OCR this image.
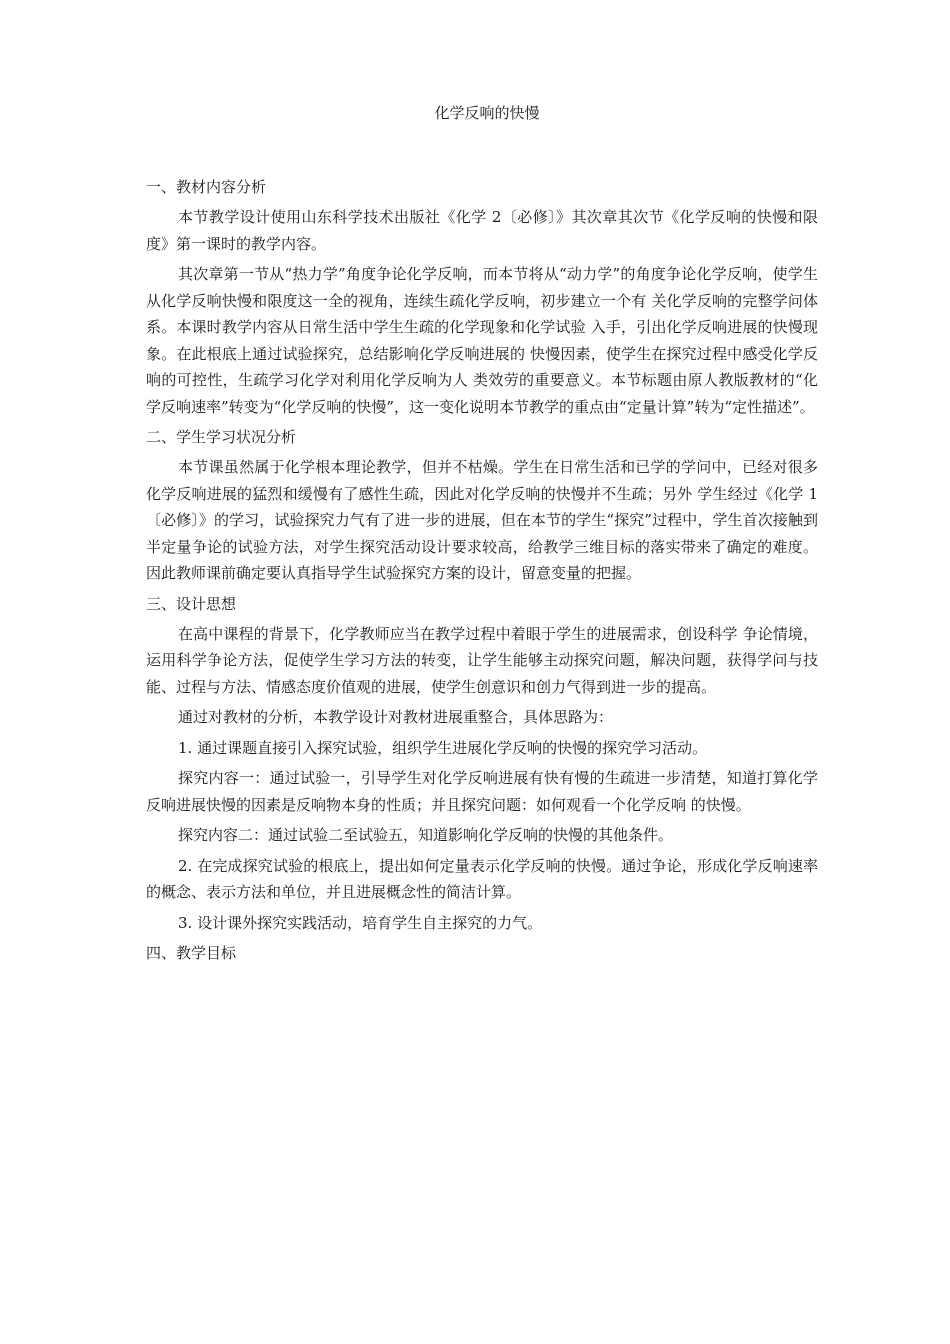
化学反响的快慢
一、教材内容分析
本节教学设计使用山东科学技术出版社《化学 2〔必修〕》其次章其次节《化学反响的快慢和限度》第一课时的教学内容。
其次章第一节从“热力学”角度争论化学反响，而本节将从“动力学”的角度争论化学反响，使学生从化学反响快慢和限度这一全的视角，连续生疏化学反响，初步建立一个有 关化学反响的完整学问体系。本课时教学内容从日常生活中学生生疏的化学现象和化学试验 入手，引出化学反响进展的快慢现象。在此根底上通过试验探究，总结影响化学反响进展的 快慢因素，使学生在探究过程中感受化学反响的可控性，生疏学习化学对利用化学反响为人 类效劳的重要意义。本节标题由原人教版教材的“化学反响速率”转变为“化学反响的快慢”，这一变化说明本节教学的重点由“定量计算”转为“定性描述”。
二、学生学习状况分析
本节课虽然属于化学根本理论教学，但并不枯燥。学生在日常生活和已学的学问中，已经对很多化学反响进展的猛烈和缓慢有了感性生疏，因此对化学反响的快慢并不生疏；另外 学生经过《化学 1〔必修〕》的学习，试验探究力气有了进一步的进展，但在本节的学生“探究”过程中，学生首次接触到半定量争论的试验方法，对学生探究活动设计要求较高，给教学三维目标的落实带来了确定的难度。因此教师课前确定要认真指导学生试验探究方案的设计，留意变量的把握。
三、设计思想
在高中课程的背景下，化学教师应当在教学过程中着眼于学生的进展需求，创设科学 争论情境，运用科学争论方法，促使学生学习方法的转变，让学生能够主动探究问题，解决问题，获得学问与技能、过程与方法、情感态度价值观的进展，使学生创意识和创力气得到进一步的提高。
通过对教材的分析，本教学设计对教材进展重整合，具体思路为：
1. 通过课题直接引入探究试验，组织学生进展化学反响的快慢的探究学习活动。
探究内容一：通过试验一，引导学生对化学反响进展有快有慢的生疏进一步清楚，知道打算化学反响进展快慢的因素是反响物本身的性质；并且探究问题：如何观看一个化学反响 的快慢。
探究内容二：通过试验二至试验五，知道影响化学反响的快慢的其他条件。
2. 在完成探究试验的根底上，提出如何定量表示化学反响的快慢。通过争论，形成化学反响速率的概念、表示方法和单位，并且进展概念性的简洁计算。
3. 设计课外探究实践活动，培育学生自主探究的力气。
四、教学目标
